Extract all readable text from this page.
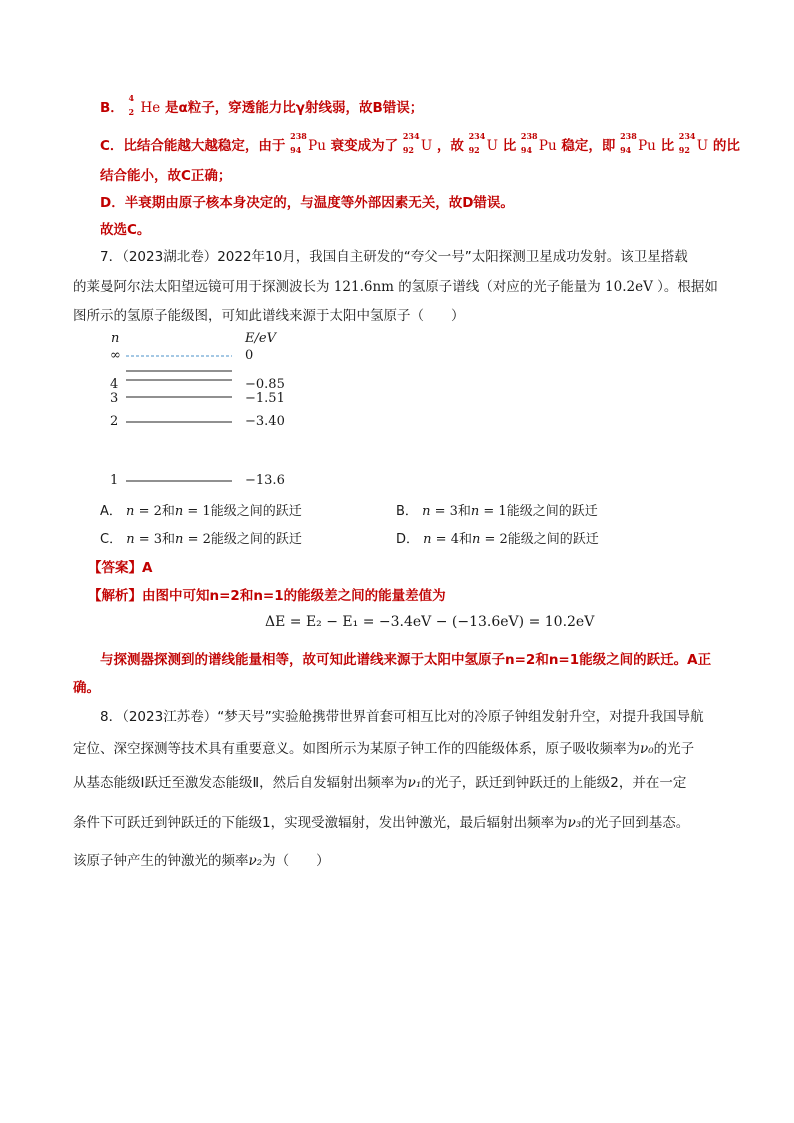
B．
4
2 He 是α粒子，穿透能力比γ射线弱，故B错误；
C．比结合能越大越稳定，由于
238
94 Pu 衰变成为了
234
92 U ，故
234
92 U 比
238
94 Pu 稳定，即
238
94 Pu 比
234
92 U 的比
结合能小，故C正确；
D．半衰期由原子核本身决定的，与温度等外部因素无关，故D错误。
故选C。
7．（2023湖北卷）2022年10月，我国自主研发的“夸父一号”太阳探测卫星成功发射。该卫星搭载
的莱曼阿尔法太阳望远镜可用于探测波长为 121.6nm 的氢原子谱线（对应的光子能量为 10.2eV ）。根据如
图所示的氢原子能级图，可知此谱线来源于太阳中氢原子（　　）
n	E/eV
∞	0
4	−0.85
3	−1.51
2	−3.40
1	−13.6
A． n = 2和n = 1能级之间的跃迁	B． n = 3和n = 1能级之间的跃迁
C． n = 3和n = 2能级之间的跃迁	D． n = 4和n = 2能级之间的跃迁
【答案】A
【解析】由图中可知n=2和n=1的能级差之间的能量差值为
ΔE = E₂ − E₁ = −3.4eV − (−13.6eV) = 10.2eV
与探测器探测到的谱线能量相等，故可知此谱线来源于太阳中氢原子n=2和n=1能级之间的跃迁。A正
确。
8．（2023江苏卷）“梦天号”实验舱携带世界首套可相互比对的冷原子钟组发射升空，对提升我国导航
定位、深空探测等技术具有重要意义。如图所示为某原子钟工作的四能级体系，原子吸收频率为ν₀的光子
从基态能级Ⅰ跃迁至激发态能级Ⅱ，然后自发辐射出频率为ν₁的光子，跃迁到钟跃迁的上能级2，并在一定
条件下可跃迁到钟跃迁的下能级1，实现受激辐射，发出钟激光，最后辐射出频率为ν₃的光子回到基态。
该原子钟产生的钟激光的频率ν₂为（　　）
